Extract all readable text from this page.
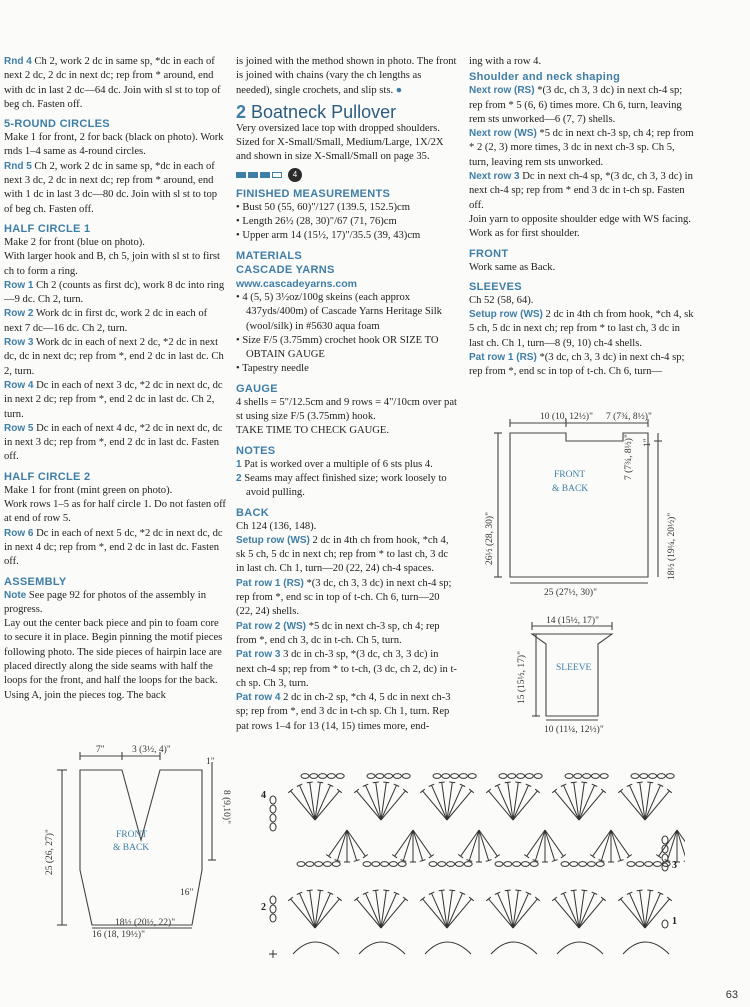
Rnd 4 Ch 2, work 2 dc in same sp, *dc in each of next 2 dc, 2 dc in next dc; rep from * around, end with dc in last 2 dc—64 dc. Join with sl st to top of beg ch. Fasten off.

5-ROUND CIRCLES

Make 1 for front, 2 for back (black on photo). Work rnds 1–4 same as 4-round circles.

Rnd 5 Ch 2, work 2 dc in same sp, *dc in each of next 3 dc, 2 dc in next dc; rep from * around, end with 1 dc in last 3 dc—80 dc. Join with sl st to top of beg ch. Fasten off.

HALF CIRCLE 1

Make 2 for front (blue on photo).

With larger hook and B, ch 5, join with sl st to first ch to form a ring.

Row 1 Ch 2 (counts as first dc), work 8 dc into ring—9 dc. Ch 2, turn.

Row 2 Work dc in first dc, work 2 dc in each of next 7 dc—16 dc. Ch 2, turn.

Row 3 Work dc in each of next 2 dc, *2 dc in next dc, dc in next dc; rep from *, end 2 dc in last dc. Ch 2, turn.

Row 4 Dc in each of next 3 dc, *2 dc in next dc, dc in next 2 dc; rep from *, end 2 dc in last dc. Ch 2, turn.

Row 5 Dc in each of next 4 dc, *2 dc in next dc, dc in next 3 dc; rep from *, end 2 dc in last dc. Fasten off.

HALF CIRCLE 2

Make 1 for front (mint green on photo).

Work rows 1–5 as for half circle 1. Do not fasten off at end of row 5.

Row 6 Dc in each of next 5 dc, *2 dc in next dc, dc in next 4 dc; rep from *, end 2 dc in last dc. Fasten off.

ASSEMBLY

Note See page 92 for photos of the assembly in progress.

Lay out the center back piece and pin to foam core to secure it in place. Begin pinning the motif pieces following photo. The side pieces of hairpin lace are placed directly along the side seams with half the loops for the front, and half the loops for the back. Using A, join the pieces tog. The back

is joined with the method shown in photo. The front is joined with chains (vary the ch lengths as needed), single crochets, and slip sts. ●

2 Boatneck Pullover

Very oversized lace top with dropped shoulders. Sized for X-Small/Small, Medium/Large, 1X/2X and shown in size X-Small/Small on page 35.

4
FINISHED MEASUREMENTS

• Bust 50 (55, 60)"/127 (139.5, 152.5)cm

• Length 26½ (28, 30)"/67 (71, 76)cm

• Upper arm 14 (15½, 17)"/35.5 (39, 43)cm

MATERIALS
CASCADE YARNS

www.cascadeyarns.com

• 4 (5, 5) 3½oz/100g skeins (each approx 437yds/400m) of Cascade Yarns Heritage Silk (wool/silk) in #5630 aqua foam

• Size F/5 (3.75mm) crochet hook OR SIZE TO OBTAIN GAUGE

• Tapestry needle

GAUGE

4 shells = 5"/12.5cm and 9 rows = 4"/10cm over pat st using size F/5 (3.75mm) hook.

TAKE TIME TO CHECK GAUGE.

NOTES

1 Pat is worked over a multiple of 6 sts plus 4.

2 Seams may affect finished size; work loosely to avoid pulling.

BACK

Ch 124 (136, 148).

Setup row (WS) 2 dc in 4th ch from hook, *ch 4, sk 5 ch, 5 dc in next ch; rep from * to last ch, 3 dc in last ch. Ch 1, turn—20 (22, 24) ch-4 spaces.

Pat row 1 (RS) *(3 dc, ch 3, 3 dc) in next ch-4 sp; rep from *, end sc in top of t-ch. Ch 6, turn—20 (22, 24) shells.

Pat row 2 (WS) *5 dc in next ch-3 sp, ch 4; rep from *, end ch 3, dc in t-ch. Ch 5, turn.

Pat row 3 3 dc in ch-3 sp, *(3 dc, ch 3, 3 dc) in next ch-4 sp; rep from * to t-ch, (3 dc, ch 2, dc) in t-ch sp. Ch 3, turn.

Pat row 4 2 dc in ch-2 sp, *ch 4, 5 dc in next ch-3 sp; rep from *, end 3 dc in t-ch sp. Ch 1, turn. Rep pat rows 1–4 for 13 (14, 15) times more, end-

ing with a row 4.

Shoulder and neck shaping

Next row (RS) *(3 dc, ch 3, 3 dc) in next ch-4 sp; rep from * 5 (6, 6) times more. Ch 6, turn, leaving rem sts unworked—6 (7, 7) shells.

Next row (WS) *5 dc in next ch-3 sp, ch 4; rep from * 2 (2, 3) more times, 3 dc in next ch-3 sp. Ch 5, turn, leaving rem sts unworked.

Next row 3 Dc in next ch-4 sp, *(3 dc, ch 3, 3 dc) in next ch-4 sp; rep from * end 3 dc in t-ch sp. Fasten off.

Join yarn to opposite shoulder edge with WS facing. Work as for first shoulder.

FRONT

Work same as Back.

SLEEVES

Ch 52 (58, 64).

Setup row (WS) 2 dc in 4th ch from hook, *ch 4, sk 5 ch, 5 dc in next ch; rep from * to last ch, 3 dc in last ch. Ch 1, turn—8 (9, 10) ch-4 shells.

Pat row 1 (RS) *(3 dc, ch 3, 3 dc) in next ch-4 sp; rep from *, end sc in top of t-ch. Ch 6, turn—

7"	3 (3½, 4)"
1"
8 (9,10)"
25 (26, 27)"	FRONT
& BACK
16"
18½ (20½, 22)"
16 (18, 19½)"
10 (10, 12½)" 7 (7¾, 8½)"
1"
7 (7¾, 8½)"
26½ (28, 30)"	18½ (19¼, 20½)"
FRONT
& BACK
25 (27½, 30)"
14 (15½, 17)"
15 (15½, 17)"	SLEEVE
10 (11¼, 12½)"
4
2
3
1
63
